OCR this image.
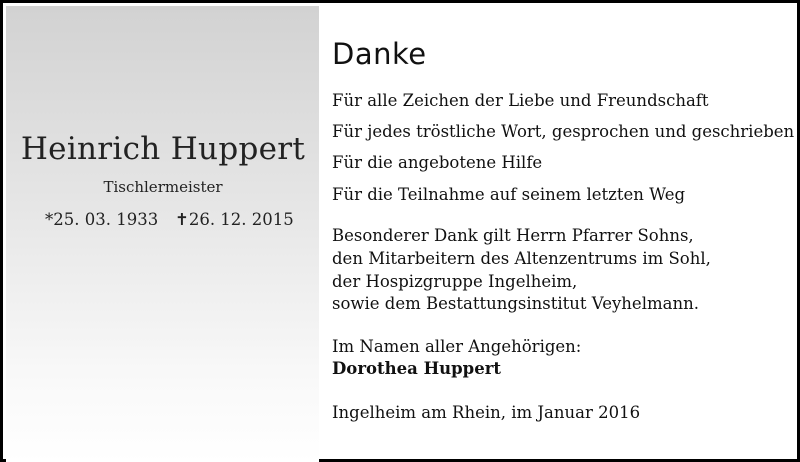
Heinrich Huppert
Tischlermeister
*25. 03. 1933 ✝26. 12. 2015
Danke
Für alle Zeichen der Liebe und Freundschaft
Für jedes tröstliche Wort, gesprochen und geschrieben
Für die angebotene Hilfe
Für die Teilnahme auf seinem letzten Weg
Besonderer Dank gilt Herrn Pfarrer Sohns,
den Mitarbeitern des Altenzentrums im Sohl,
der Hospizgruppe Ingelheim,
sowie dem Bestattungsinstitut Veyhelmann.
Im Namen aller Angehörigen:
Dorothea Huppert
Ingelheim am Rhein, im Januar 2016
